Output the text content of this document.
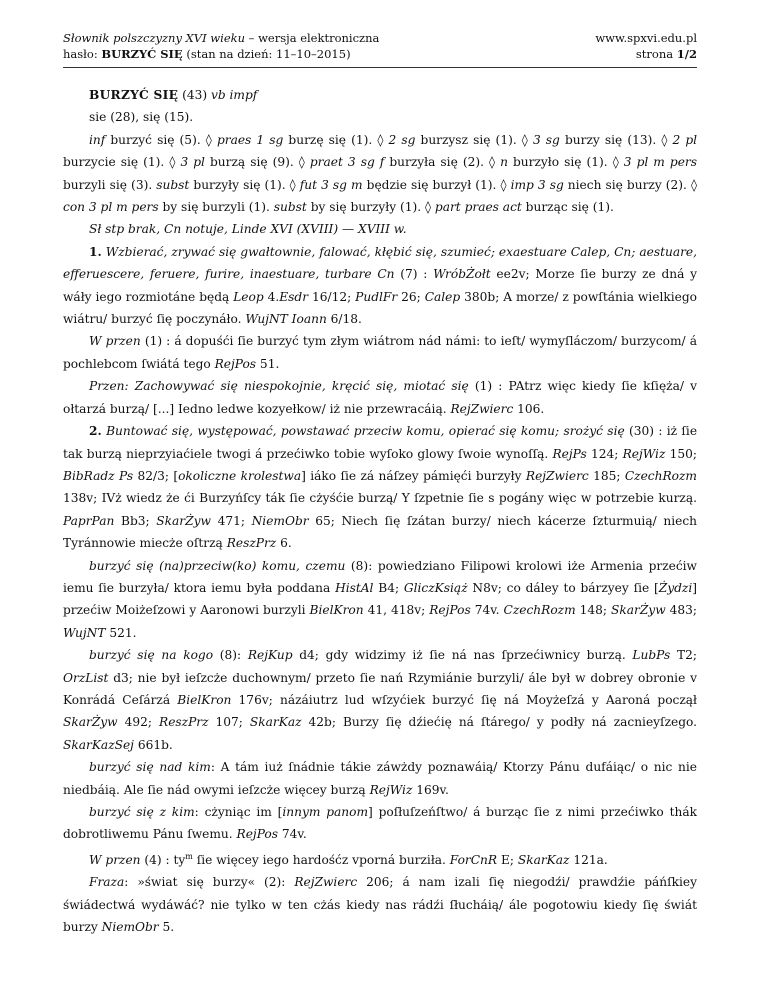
Słownik polszczyzny XVI wieku – wersja elektroniczna
hasło: BURZYĆ SIĘ (stan na dzień: 11–10–2015)
www.spxvi.edu.pl
strona 1/2

BURZYĆ SIĘ (43) vb impf

sie (28), się (15).

inf burzyć się (5). ◊ praes 1 sg burzę się (1). ◊ 2 sg burzysz się (1). ◊ 3 sg burzy się (13). ◊ 2 pl burzycie się (1). ◊ 3 pl burzą się (9). ◊ praet 3 sg f burzyła się (2). ◊ n burzyło się (1). ◊ 3 pl m pers burzyli się (3). subst burzyły się (1). ◊ fut 3 sg m będzie się burzył (1). ◊ imp 3 sg niech się burzy (2). ◊ con 3 pl m pers by się burzyli (1). subst by się burzyły (1). ◊ part praes act burząc się (1).

Sł stp brak, Cn notuje, Linde XVI (XVIII) — XVIII w.

1. Wzbierać, zrywać się gwałtownie, falować, kłębić się, szumieć; exaestuare Calep, Cn; aestuare, efferuescere, feruere, furire, inaestuare, turbare Cn (7) : WróbŻołt ee2v; Morze ſie burzy ze dná y wáły iego rozmiotáne będą Leop 4.Esdr 16/12; PudlFr 26; Calep 380b; A morze/ z powſtánia wielkiego wiátru/ burzyć ſię poczynáło. WujNT Ioann 6/18.

W przen (1) : á dopuśći ſie burzyć tym złym wiátrom nád námi: to ieſt/ wymyſláczom/ burzycom/ á pochlebcom ſwiátá tego RejPos 51.

Przen: Zachowywać się niespokojnie, kręcić się, miotać się (1) : PAtrz więc kiedy ſie kſięża/ v ołtarzá burzą/ [...] Iedno ledwe kozyełkow/ iż nie przewracáią. RejZwierc 106.

2. Buntować się, występować, powstawać przeciw komu, opierać się komu; srożyć się (30) : iż ſie tak burzą nieprzyiaćiele twogi á przećiwko tobie wyſoko glowy ſwoie wynoſſą. RejPs 124; RejWiz 150; BibRadz Ps 82/3; [okoliczne krolestwa] iáko ſie zá náſzey pámięći burzyły RejZwierc 185; CzechRozm 138v; IVż wiedz że ći Burzyńſcy ták ſie cżyśćie burzą/ Y ſzpetnie ſie s pogány więc w potrzebie kurzą. PaprPan Bb3; SkarŻyw 471; NiemObr 65; Niech ſię ſzátan burzy/ niech kácerze ſzturmuią/ niech Tyránnowie miecże oſtrzą ReszPrz 6.

burzyć się (na)przeciw(ko) komu, czemu (8): powiedziano Filipowi krolowi iże Armenia przećiw iemu ſie burzyła/ ktora iemu była poddana HistAl B4; GliczKsiąż N8v; co dáley to bárzyey ſie [Żydzi] przećiw Moiżeſzowi y Aaronowi burzyli BielKron 41, 418v; RejPos 74v. CzechRozm 148; SkarŻyw 483; WujNT 521.

burzyć się na kogo (8): RejKup d4; gdy widzimy iż ſie ná nas ſprzećiwnicy burzą. LubPs T2; OrzList d3; nie był ieſzcże duchownym/ przeto ſie nań Rzymiánie burzyli/ ále był w dobrey obronie v Konrádá Ceſárzá BielKron 176v; názáiutrz lud wſzyćiek burzyć ſię ná Moyżeſzá y Aaroná począł SkarŻyw 492; ReszPrz 107; SkarKaz 42b; Burzy ſię dźiećię ná ſtárego/ y podły ná zacnieyſzego. SkarKazSej 661b.

burzyć się nad kim: A tám iuż ſnádnie tákie záwżdy poznawáią/ Ktorzy Pánu dufáiąc/ o nic nie niedbáią. Ale ſie nád owymi ieſzcże więcey burzą RejWiz 169v.

burzyć się z kim: cżyniąc im [innym panom] poſłuſzeńſtwo/ á burząc ſie z nimi przećiwko thák dobrotliwemu Pánu ſwemu. RejPos 74v.

W przen (4) : $ty^m$ ſie więcey iego hardośćz vporná burziła. ForCnR E; SkarKaz 121a.

Fraza: »świat się burzy« (2): RejZwierc 206; á nam izali ſię niegodźi/ prawdźie páńſkiey świádectwá wydáwáć? nie tylko w ten cżás kiedy nas rádźi ſłucháią/ ále pogotowiu kiedy ſię świát burzy NiemObr 5.
